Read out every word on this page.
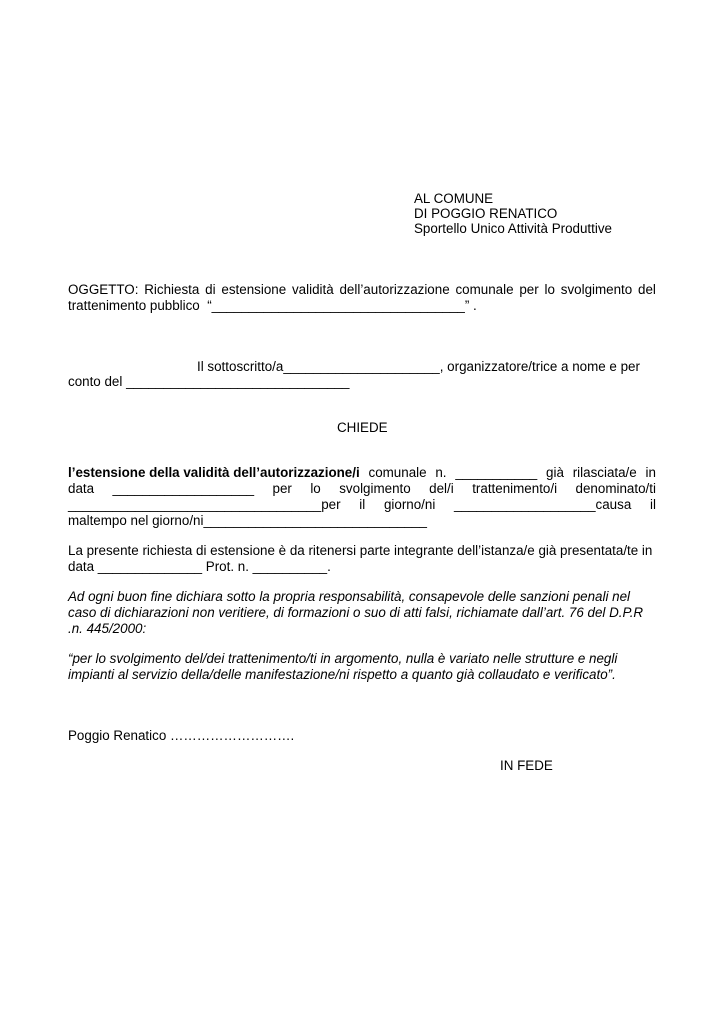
AL COMUNE
DI POGGIO RENATICO
Sportello Unico Attività Produttive
OGGETTO: Richiesta di estensione validità dell’autorizzazione comunale per lo svolgimento del
trattenimento pubblico  “__________________________________” .
Il sottoscritto/a_____________________, organizzatore/trice a nome e per
conto del ______________________________
CHIEDE
l’estensione della validità dell’autorizzazione/i comunale n. ___________ già rilasciata/e in
data ___________________ per lo svolgimento del/i trattenimento/i denominato/ti
__________________________________per il giorno/ni ___________________causa il
maltempo nel giorno/ni______________________________
La presente richiesta di estensione è da ritenersi parte integrante dell’istanza/e già presentata/te in
data ______________ Prot. n. __________.
Ad ogni buon fine dichiara sotto la propria responsabilità, consapevole delle sanzioni penali nel
caso di dichiarazioni non veritiere, di formazioni o suo di atti falsi, richiamate dall’art. 76 del D.P.R
.n. 445/2000:
“per lo svolgimento del/dei trattenimento/ti in argomento, nulla è variato nelle strutture e negli
impianti al servizio della/delle manifestazione/ni rispetto a quanto già collaudato e verificato”.
Poggio Renatico ……………………….
IN FEDE
